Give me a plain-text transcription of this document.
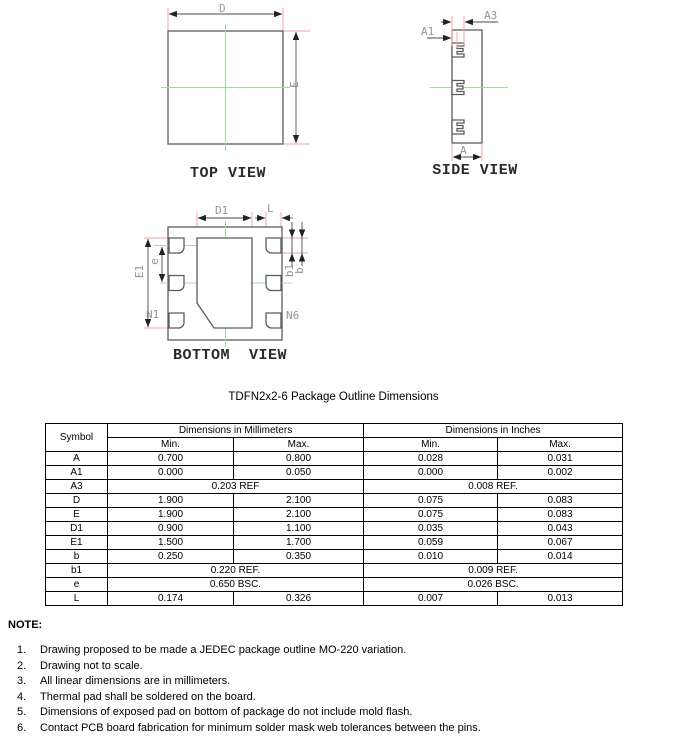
D
E
A3
A1
A
D1	L
E1
e
b1
b
N1	N6
TOP VIEW	SIDE VIEW
BOTTOM  VIEW
TDFN2x2-6 Package Outline Dimensions
Symbol	Dimensions in Millimeters		Dimensions in Inches	
	Min.	Max.	Min.	Max.
A	0.700	0.800	0.028	0.031
A1	0.000	0.050	0.000	0.002
A3	0.203 REF		0.008 REF.	
D	1.900	2.100	0.075	0.083
E	1.900	2.100	0.075	0.083
D1	0.900	1.100	0.035	0.043
E1	1.500	1.700	0.059	0.067
b	0.250	0.350	0.010	0.014
b1	0.220 REF.		0.009 REF.	
e	0.650 BSC.		0.026 BSC.	
L	0.174	0.326	0.007	0.013
NOTE:
1.	Drawing proposed to be made a JEDEC package outline MO-220 variation.
2.	Drawing not to scale.
3.	All linear dimensions are in millimeters.
4.	Thermal pad shall be soldered on the board.
5.	Dimensions of exposed pad on bottom of package do not include mold flash.
6.	Contact PCB board fabrication for minimum solder mask web tolerances between the pins.
